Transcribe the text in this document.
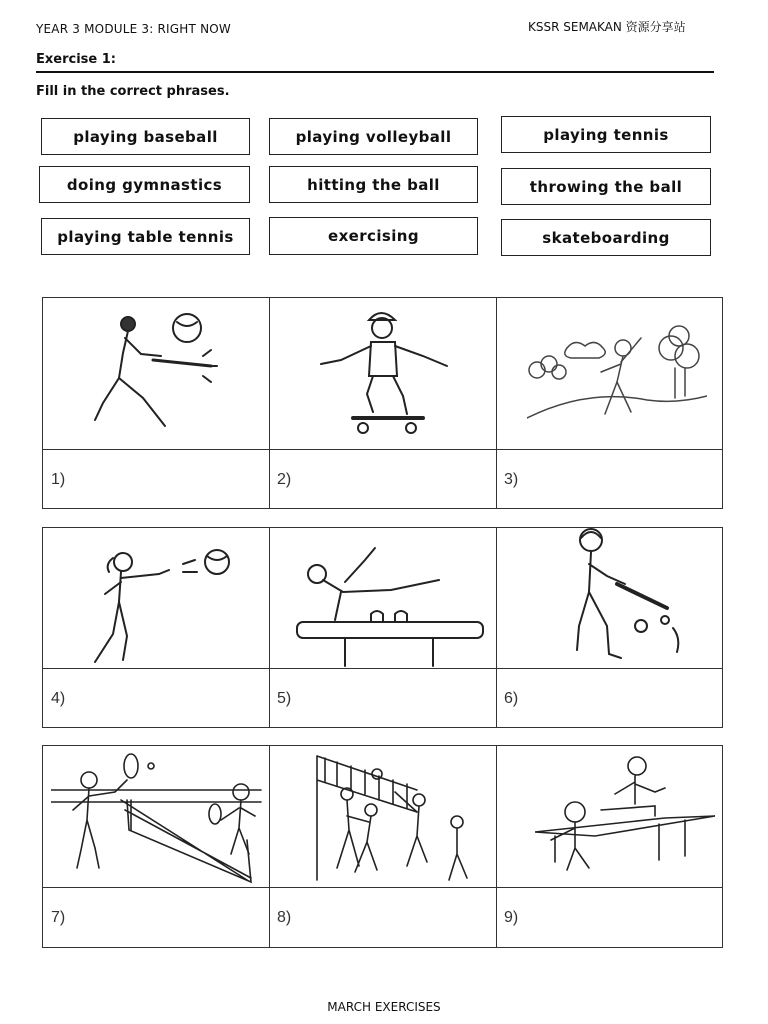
YEAR 3 MODULE 3: RIGHT NOW	KSSR SEMAKAN 资源分享站
Exercise 1:
Fill in the correct phrases.
playing baseball	playing volleyball	playing tennis
doing gymnastics	hitting the ball	throwing the ball
playing table tennis	exercising	skateboarding
1)	2)	3)
4)	5)	6)
7)	8)	9)
MARCH EXERCISES
